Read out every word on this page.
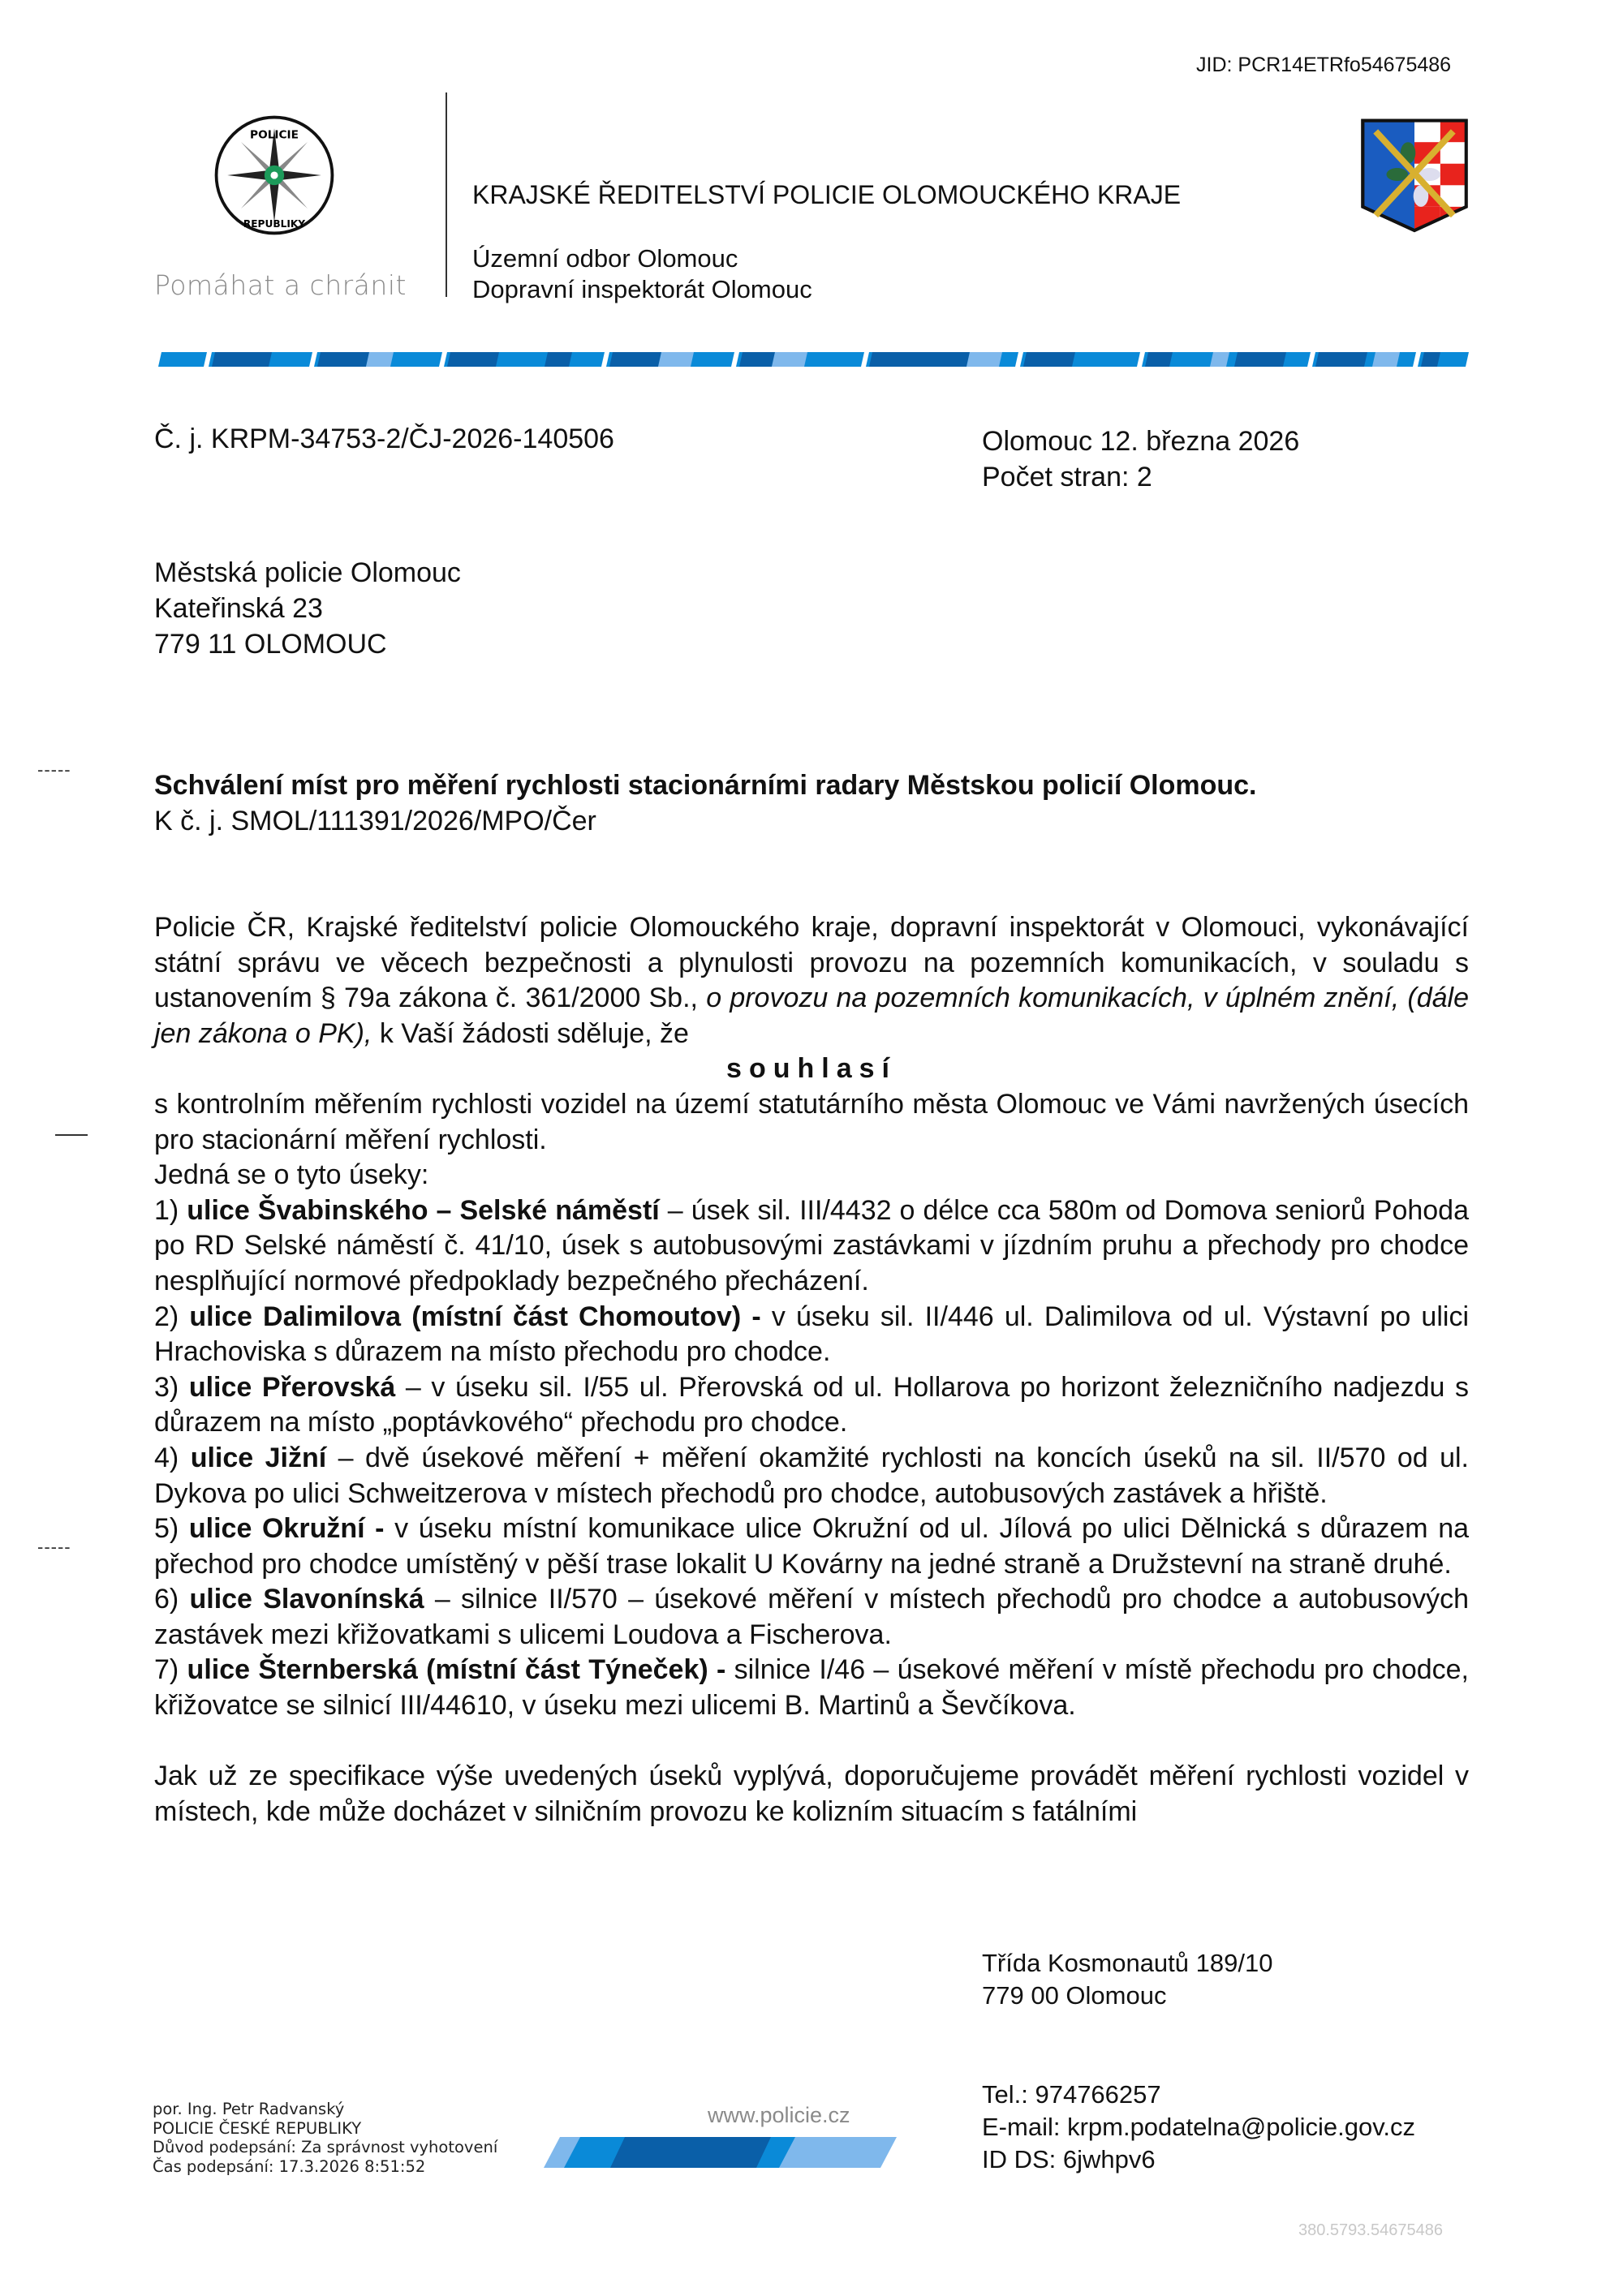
JID: PCR14ETRfo54675486
POLICIE
REPUBLIKY
Pomáhat a chránit
KRAJSKÉ ŘEDITELSTVÍ POLICIE OLOMOUCKÉHO KRAJE
Územní odbor Olomouc
Dopravní inspektorát Olomouc
Č. j. KRPM-34753-2/ČJ-2026-140506	Olomouc 12. března 2026
Počet stran: 2
Městská policie Olomouc
Kateřinská 23
779 11 OLOMOUC
-----
-----
Schválení míst pro měření rychlosti stacionárními radary Městskou policií Olomouc.
K č. j. SMOL/111391/2026/MPO/Čer

Policie ČR, Krajské ředitelství policie Olomouckého kraje, dopravní inspektorát v Olomouci, vykonávající státní správu ve věcech bezpečnosti a plynulosti provozu na pozemních komunikacích, v souladu s ustanovením § 79a zákona č. 361/2000 Sb., o provozu na pozemních komunikacích, v úplném znění, (dále jen zákona o PK), k Vaší žádosti sděluje, že

souhlasí

s kontrolním měřením rychlosti vozidel na území statutárního města Olomouc ve Vámi navržených úsecích pro stacionární měření rychlosti.

Jedná se o tyto úseky:

1) ulice Švabinského – Selské náměstí – úsek sil. III/4432 o délce cca 580m od Domova seniorů Pohoda po RD Selské náměstí č. 41/10, úsek s autobusovými zastávkami v jízdním pruhu a přechody pro chodce nesplňující normové předpoklady bezpečného přecházení.

2) ulice Dalimilova (místní část Chomoutov) - v úseku sil. II/446 ul. Dalimilova od ul. Výstavní po ulici Hrachoviska s důrazem na místo přechodu pro chodce.

3) ulice Přerovská – v úseku sil. I/55 ul. Přerovská od ul. Hollarova po horizont železničního nadjezdu s důrazem na místo „poptávkového“ přechodu pro chodce.

4) ulice Jižní – dvě úsekové měření + měření okamžité rychlosti na koncích úseků na sil. II/570 od ul. Dykova po ulici Schweitzerova v místech přechodů pro chodce, autobusových zastávek a hřiště.

5) ulice Okružní - v úseku místní komunikace ulice Okružní od ul. Jílová po ulici Dělnická s důrazem na přechod pro chodce umístěný v pěší trase lokalit U Kovárny na jedné straně a Družstevní na straně druhé.

6) ulice Slavonínská – silnice II/570 – úsekové měření v místech přechodů pro chodce a autobusových zastávek mezi křižovatkami s ulicemi Loudova a Fischerova.

7) ulice Šternberská (místní část Týneček) - silnice I/46 – úsekové měření v místě přechodu pro chodce, křižovatce se silnicí III/44610, v úseku mezi ulicemi B. Martinů a Ševčíkova.

Jak už ze specifikace výše uvedených úseků vyplývá, doporučujeme provádět měření rychlosti vozidel v místech, kde může docházet v silničním provozu ke kolizním situacím s fatálními

Třída Kosmonautů 189/10
779 00 Olomouc
por. Ing. Petr Radvanský
POLICIE ČESKÉ REPUBLIKY
Důvod podepsání: Za správnost vyhotovení
Čas podepsání: 17.3.2026 8:51:52
www.policie.cz
Tel.: 974766257
E-mail: krpm.podatelna@policie.gov.cz
ID DS: 6jwhpv6
380.5793.54675486
